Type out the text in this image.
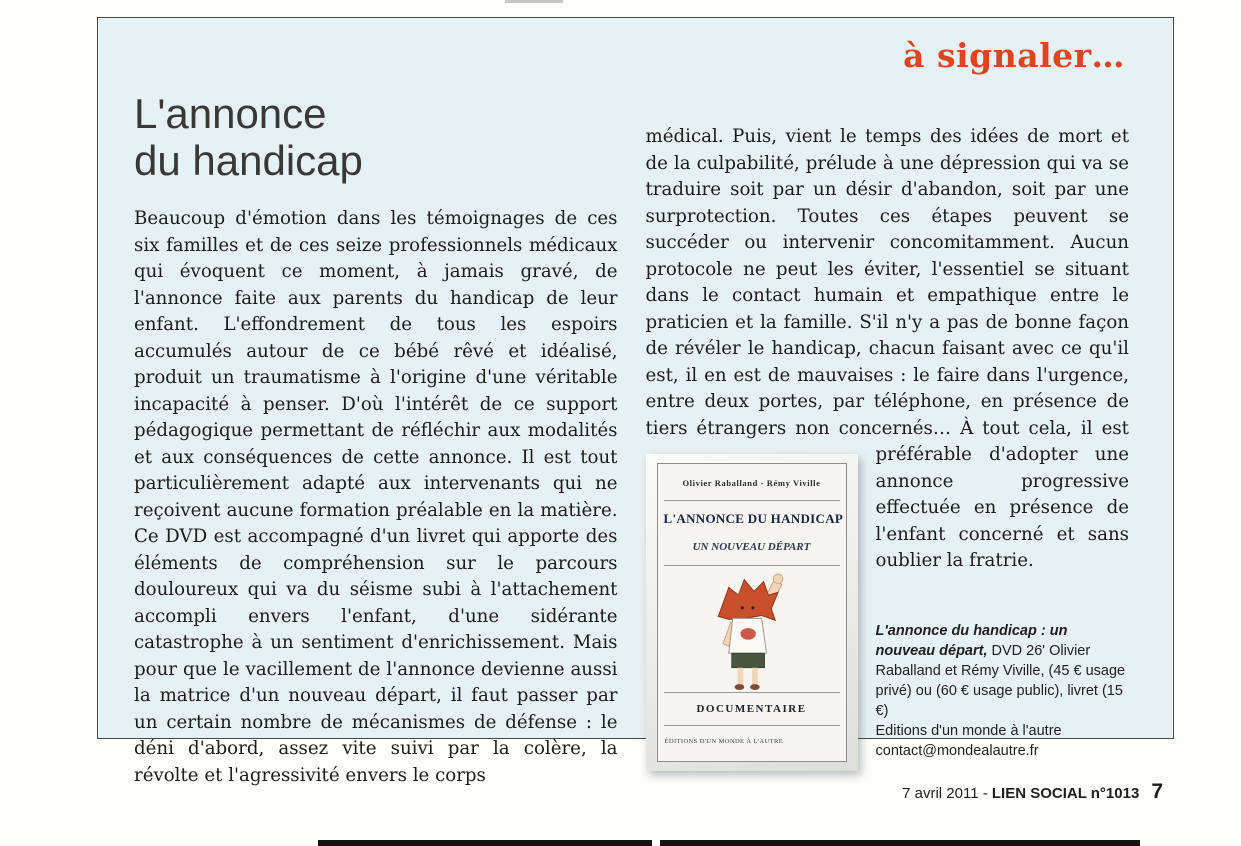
à signaler…
L'annonce
du handicap

Beaucoup d'émotion dans les témoignages de ces six familles et de ces seize professionnels médicaux qui évoquent ce moment, à jamais gravé, de l'annonce faite aux parents du handicap de leur enfant. L'effondrement de tous les espoirs accumulés autour de ce bébé rêvé et idéalisé, produit un traumatisme à l'origine d'une véritable incapacité à penser. D'où l'intérêt de ce support pédagogique permettant de réfléchir aux modalités et aux conséquences de cette annonce. Il est tout particulièrement adapté aux intervenants qui ne reçoivent aucune formation préalable en la matière. Ce DVD est accompagné d'un livret qui apporte des éléments de compréhension sur le parcours douloureux qui va du séisme subi à l'attachement accompli envers l'enfant, d'une sidérante catastrophe à un sentiment d'enrichissement. Mais pour que le vacillement de l'annonce devienne aussi la matrice d'un nouveau départ, il faut passer par un certain nombre de mécanismes de défense : le déni d'abord, assez vite suivi par la colère, la révolte et l'agressivité envers le corps

médical. Puis, vient le temps des idées de mort et de la culpabilité, prélude à une dépression qui va se traduire soit par un désir d'abandon, soit par une surprotection. Toutes ces étapes peuvent se succéder ou intervenir concomitamment. Aucun protocole ne peut les éviter, l'essentiel se situant dans le contact humain et empathique entre le praticien et la famille. S'il n'y a pas de bonne façon de révéler le handicap, chacun faisant avec ce qu'il est, il en est de mauvaises : le faire dans l'urgence, entre deux portes, par téléphone, en présence de tiers étrangers non concernés… À tout
Olivier Raballand - Rémy Viville
L'ANNONCE DU HANDICAP
UN NOUVEAU DÉPART
DOCUMENTAIRE
ÉDITIONS D'UN MONDE À L'AUTRE
cela, il est préférable d'adopter une annonce progressive effectuée en présence de l'enfant concerné et sans oublier la fratrie.

L'annonce du handicap : un nouveau départ, DVD 26' Olivier Raballand et Rémy Viville, (45 € usage privé) ou (60 € usage public), livret (15 €)
Editions d'un monde à l'autre
contact@mondealautre.fr
7 avril 2011 - LIEN SOCIAL n°1013 7
